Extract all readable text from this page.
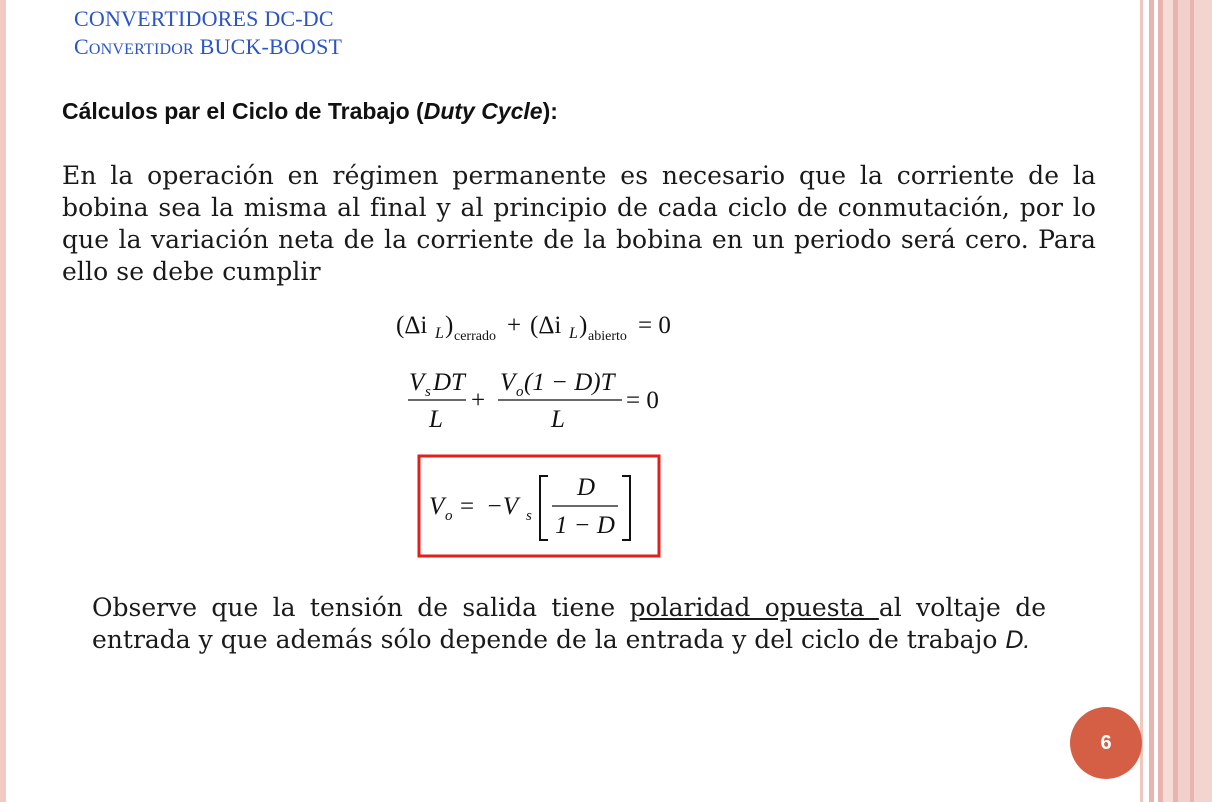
CONVERTIDORES DC-DC
CONVERTIDOR BUCK-BOOST
Cálculos par el Ciclo de Trabajo (Duty Cycle):
En la operación en régimen permanente es necesario que la corriente de la bobina sea la misma al final y al principio de cada ciclo de conmutación, por lo que la variación neta de la corriente de la bobina en un periodo será cero. Para ello se debe cumplir
(Δi L ) cerrado + (Δi L ) abierto = 0
V s DT
L
+
V o (1 − D)T
L
= 0
V o = −V s
D
1 − D
Observe que la tensión de salida tiene polaridad opuesta al voltaje de entrada y que además sólo depende de la entrada y del ciclo de trabajo D.
6
